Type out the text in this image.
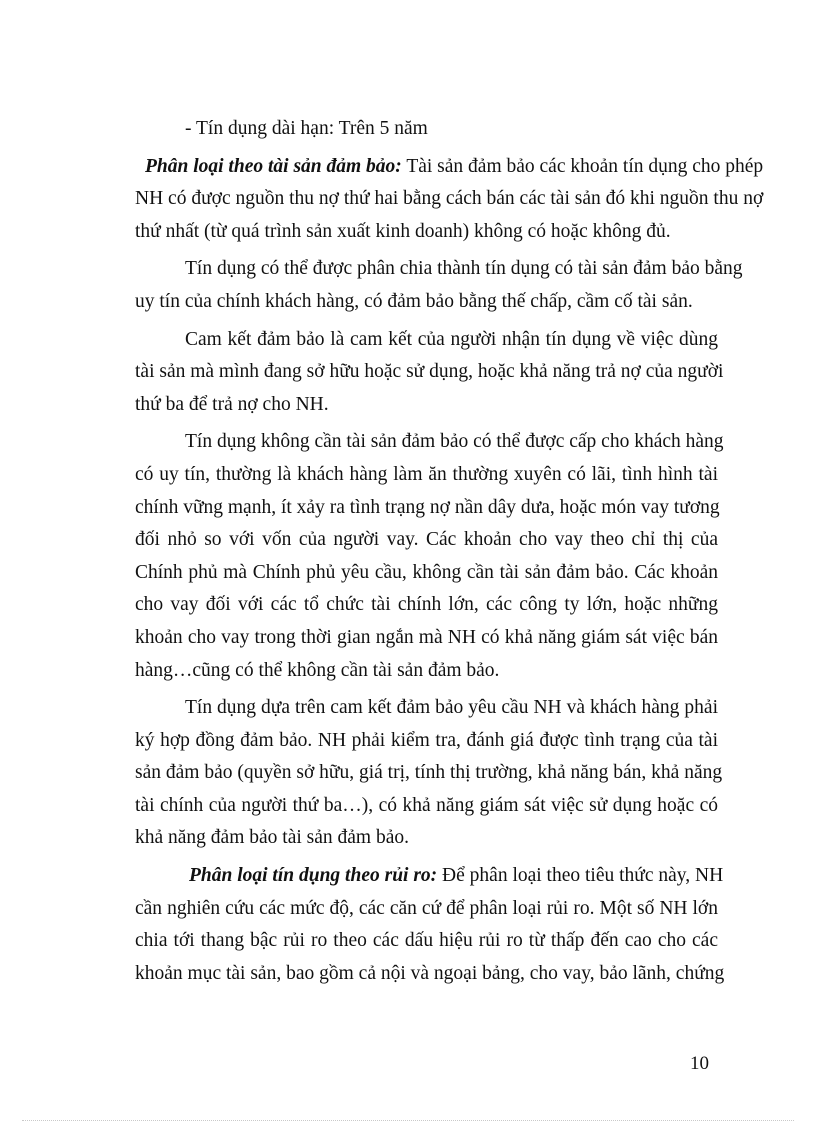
- Tín dụng dài hạn: Trên 5 năm

Phân loại theo tài sản đảm bảo: Tài sản đảm bảo các khoản tín dụng cho phép
NH có được nguồn thu nợ thứ hai bằng cách bán các tài sản đó khi nguồn thu nợ
thứ nhất (từ quá trình sản xuất kinh doanh) không có hoặc không đủ.

Tín dụng có thể được phân chia thành tín dụng có tài sản đảm bảo bằng
uy tín của chính khách hàng, có đảm bảo bằng thế chấp, cầm cố tài sản.

Cam kết đảm bảo là cam kết của người nhận tín dụng về việc dùng
tài sản mà mình đang sở hữu hoặc sử dụng, hoặc khả năng trả nợ của người
thứ ba để trả nợ cho NH.

Tín dụng không cần tài sản đảm bảo có thể được cấp cho khách hàng
có uy tín, thường là khách hàng làm ăn thường xuyên có lãi, tình hình tài
chính vững mạnh, ít xảy ra tình trạng nợ nần dây dưa, hoặc món vay tương
đối nhỏ so với vốn của người vay. Các khoản cho vay theo chỉ thị của
Chính phủ mà Chính phủ yêu cầu, không cần tài sản đảm bảo. Các khoản
cho vay đối với các tổ chức tài chính lớn, các công ty lớn, hoặc những
khoản cho vay trong thời gian ngắn mà NH có khả năng giám sát việc bán
hàng…cũng có thể không cần tài sản đảm bảo.

Tín dụng dựa trên cam kết đảm bảo yêu cầu NH và khách hàng phải
ký hợp đồng đảm bảo. NH phải kiểm tra, đánh giá được tình trạng của tài
sản đảm bảo (quyền sở hữu, giá trị, tính thị trường, khả năng bán, khả năng
tài chính của người thứ ba…), có khả năng giám sát việc sử dụng hoặc có
khả năng đảm bảo tài sản đảm bảo.

Phân loại tín dụng theo rủi ro: Để phân loại theo tiêu thức này, NH
cần nghiên cứu các mức độ, các căn cứ để phân loại rủi ro. Một số NH lớn
chia tới thang bậc rủi ro theo các dấu hiệu rủi ro từ thấp đến cao cho các
khoản mục tài sản, bao gồm cả nội và ngoại bảng, cho vay, bảo lãnh, chứng

10
